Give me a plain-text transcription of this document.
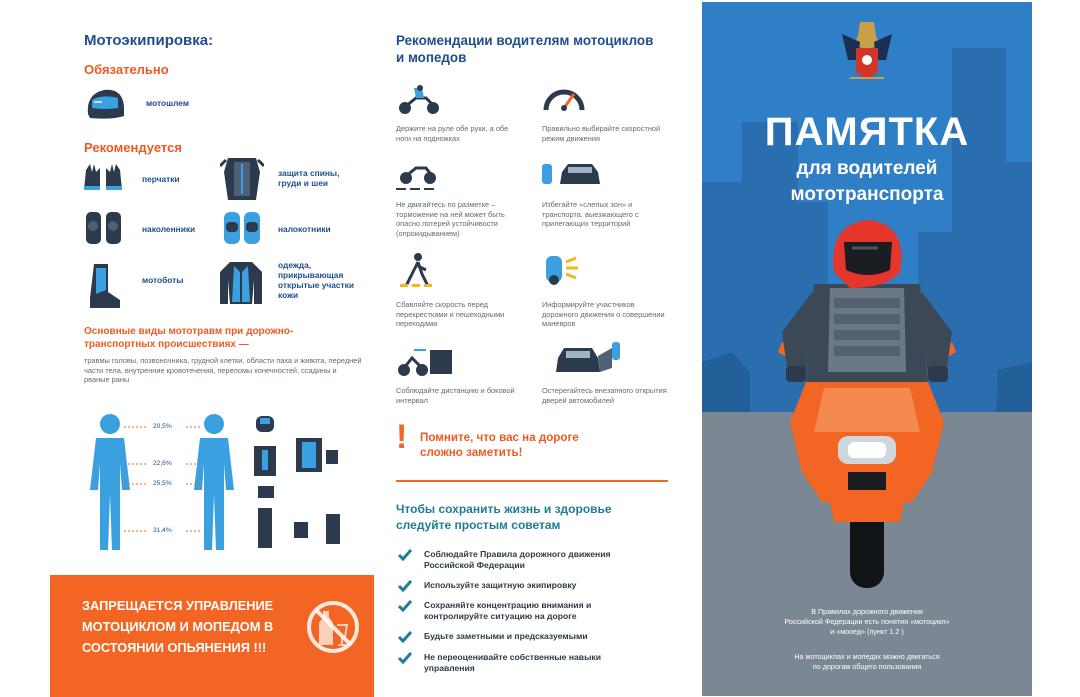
Мотоэкипировка:
Обязательно
мотошлем
Рекомендуется
перчатки
защита спины, груди и шеи
наколенники	налокотники
мотоботы
одежда, прикрывающая открытые участки кожи
Основные виды мототравм при дорожно-транспортных происшествиях —
травмы головы, позвоночника, грудной клетки, области паха и живота, передней части тела, внутренние кровотечения, переломы конечностей, ссадины и рваные раны
20,5%
22,6%
25,5%
31,4%
ЗАПРЕЩАЕТСЯ УПРАВЛЕНИЕ МОТОЦИКЛОМ И МОПЕДОМ В СОСТОЯНИИ ОПЬЯНЕНИЯ !!!
Рекомендации водителям мотоциклов и мопедов
Держите на руле обе руки, а обе ноги на подножках
Правильно выбирайте скоростной режим движения
Не двигайтесь по разметке – торможение на ней может быть опасно потерей устойчивости (опрокидыванием)
Избегайте «слепых зон» и транспорта, выезжающего с прилегающих территорий
Сбавляйте скорость перед перекрестками и пешеходными переходами
Информируйте участников дорожного движения о совершении маневров
Соблюдайте дистанцию и боковой интервал
Остерегайтесь внезапного открытия дверей автомобилей
! Помните, что вас на дороге сложно заметить!
Чтобы сохранить жизнь и здоровье следуйте простым советам
Соблюдайте Правила дорожного движения Российской Федерации
Используйте защитную экипировку
Сохраняйте концентрацию внимания и контролируйте ситуацию на дороге
Будьте заметными и предсказуемыми
Не переоценивайте собственные навыки управления
ПАМЯТКА
для водителей
мототранспорта
В Правилах дорожного движения
Российской Федерации есть понятия «мотоцикл»
и «мопед» (пункт 1.2 )
На мотоциклах и мопедах можно двигаться
по дорогам общего пользования
